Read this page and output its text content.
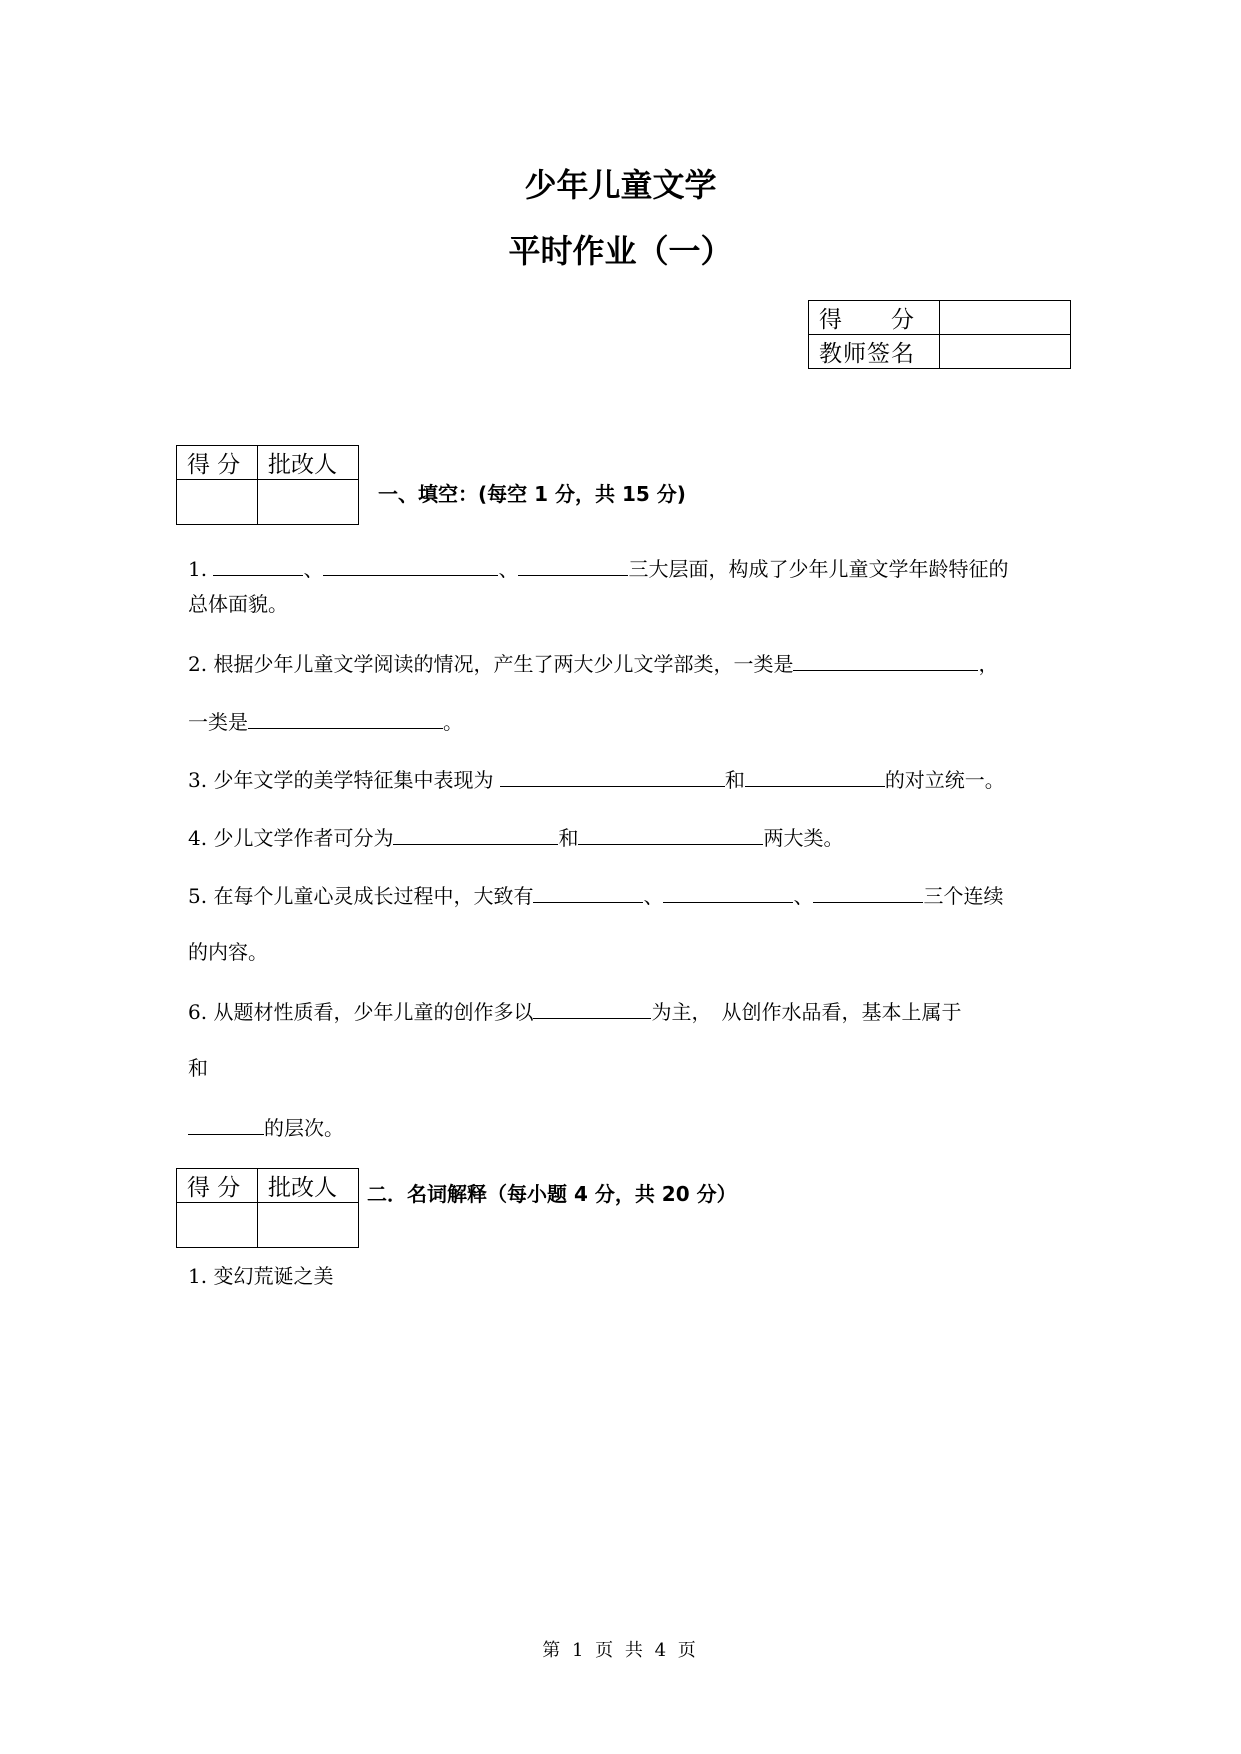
少年儿童文学
平时作业（一）
得　　分	
教师签名	
得 分	批改人

一、填空：(每空 1 分，共 15 分)
1.	、	、	三大层面，构成了少年儿童文学年龄特征的
总体面貌。
2. 根据少年儿童文学阅读的情况，产生了两大少儿文学部类，一类是	，
一类是	。
3. 少年文学的美学特征集中表现为	和	的对立统一。
4. 少儿文学作者可分为	和	两大类。
5. 在每个儿童心灵成长过程中，大致有	、	、	三个连续
的内容。
6. 从题材性质看，少年儿童的创作多以	为主，　从创作水品看，基本上属于
和
的层次。
得 分	批改人
	二．名词解释（每小题 4 分，共 20 分）
1. 变幻荒诞之美
第 1 页 共 4 页
